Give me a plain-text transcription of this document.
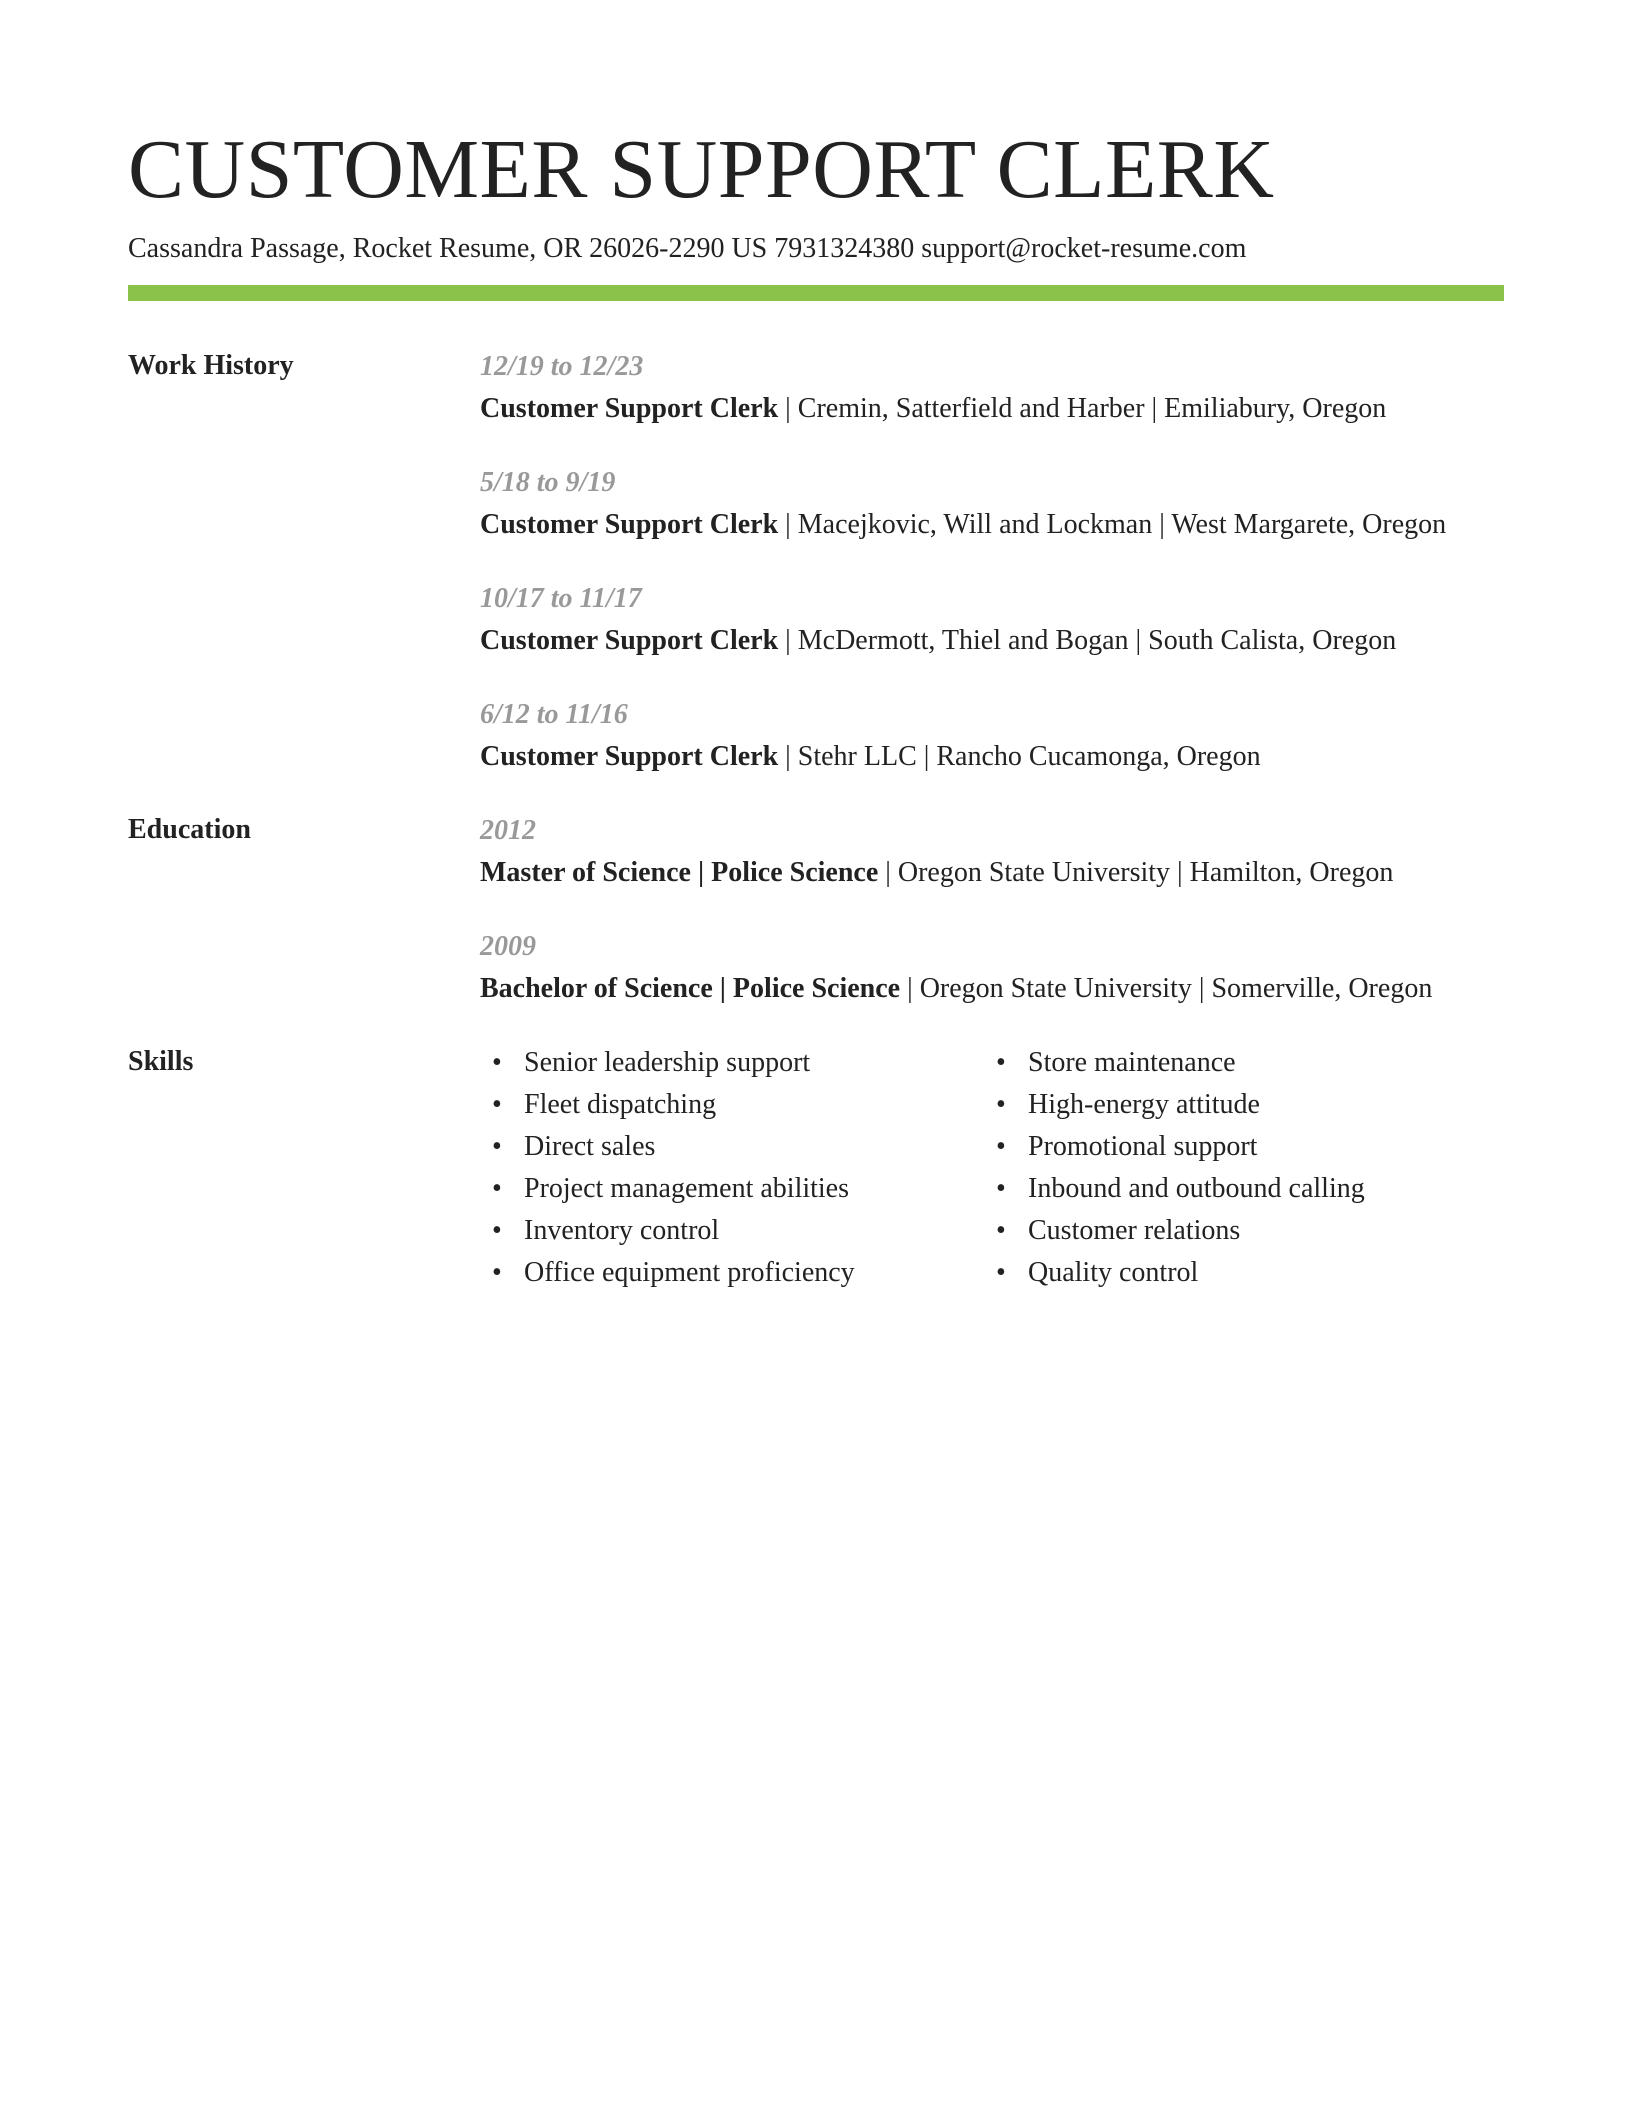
CUSTOMER SUPPORT CLERK
Cassandra Passage, Rocket Resume, OR 26026-2290 US 7931324380 support@rocket-resume.com
Work History	12/19 to 12/23
Customer Support Clerk | Cremin, Satterfield and Harber | Emiliabury, Oregon
5/18 to 9/19
Customer Support Clerk | Macejkovic, Will and Lockman | West Margarete, Oregon
10/17 to 11/17
Customer Support Clerk | McDermott, Thiel and Bogan | South Calista, Oregon
6/12 to 11/16
Customer Support Clerk | Stehr LLC | Rancho Cucamonga, Oregon
Education	2012
Master of Science | Police Science | Oregon State University | Hamilton, Oregon
2009
Bachelor of Science | Police Science | Oregon State University | Somerville, Oregon
Skills	• Senior leadership support
• Fleet dispatching
• Direct sales
• Project management abilities
• Inventory control
• Office equipment proficiency
• Store maintenance
• High-energy attitude
• Promotional support
• Inbound and outbound calling
• Customer relations
• Quality control
